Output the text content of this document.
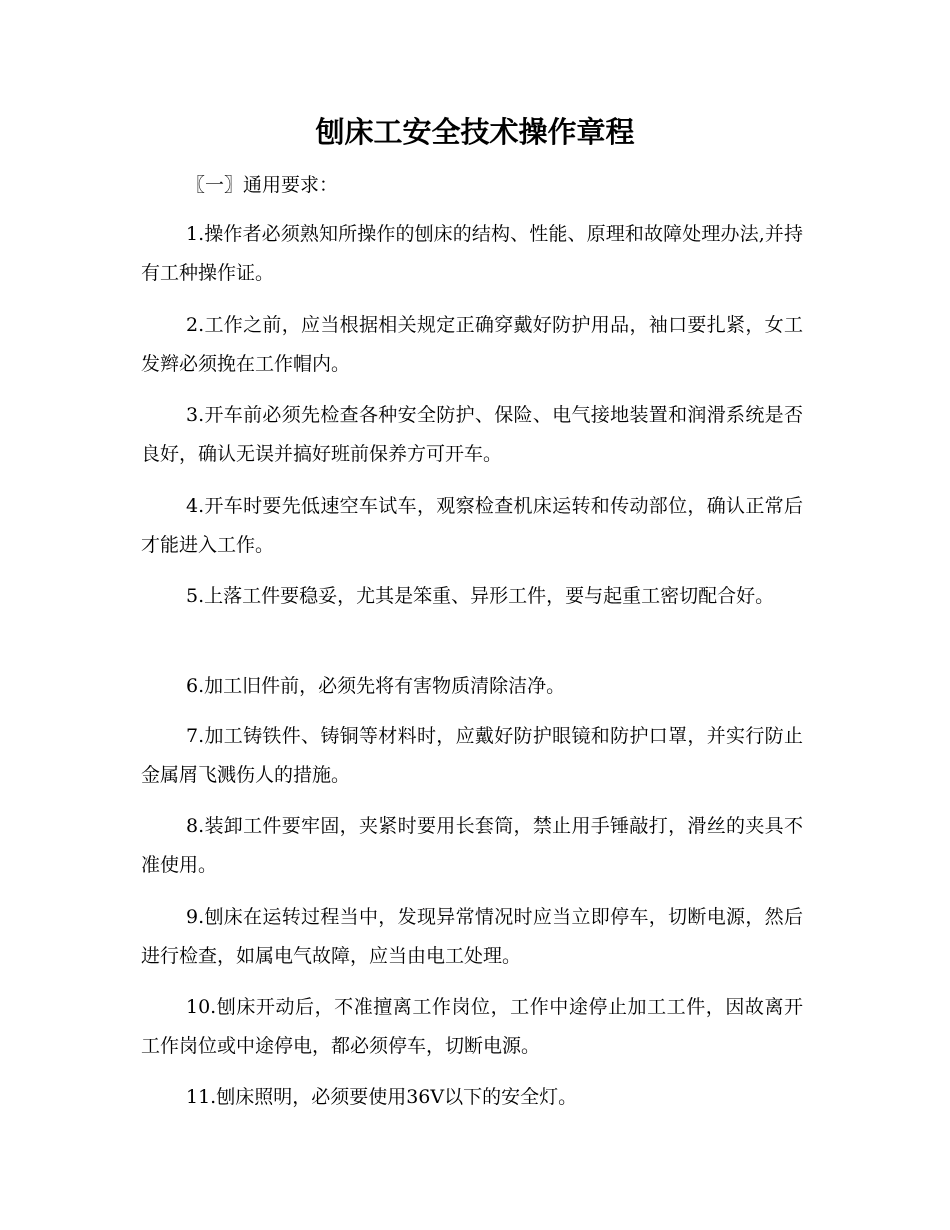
刨床工安全技术操作章程

〖一〗通用要求：

1.操作者必须熟知所操作的刨床的结构、性能、原理和故障处理办法,并持有工种操作证。

2.工作之前，应当根据相关规定正确穿戴好防护用品，袖口要扎紧，女工发辫必须挽在工作帽内。

3.开车前必须先检查各种安全防护、保险、电气接地装置和润滑系统是否良好，确认无误并搞好班前保养方可开车。

4.开车时要先低速空车试车，观察检查机床运转和传动部位，确认正常后才能进入工作。

5.上落工件要稳妥，尤其是笨重、异形工件，要与起重工密切配合好。

6.加工旧件前，必须先将有害物质清除洁净。

7.加工铸铁件、铸铜等材料时，应戴好防护眼镜和防护口罩，并实行防止金属屑飞溅伤人的措施。

8.装卸工件要牢固，夹紧时要用长套筒，禁止用手锤敲打，滑丝的夹具不准使用。

9.刨床在运转过程当中，发现异常情况时应当立即停车，切断电源，然后进行检查，如属电气故障，应当由电工处理。

10.刨床开动后，不准擅离工作岗位，工作中途停止加工工件，因故离开工作岗位或中途停电，都必须停车，切断电源。

11.刨床照明，必须要使用36V以下的安全灯。
